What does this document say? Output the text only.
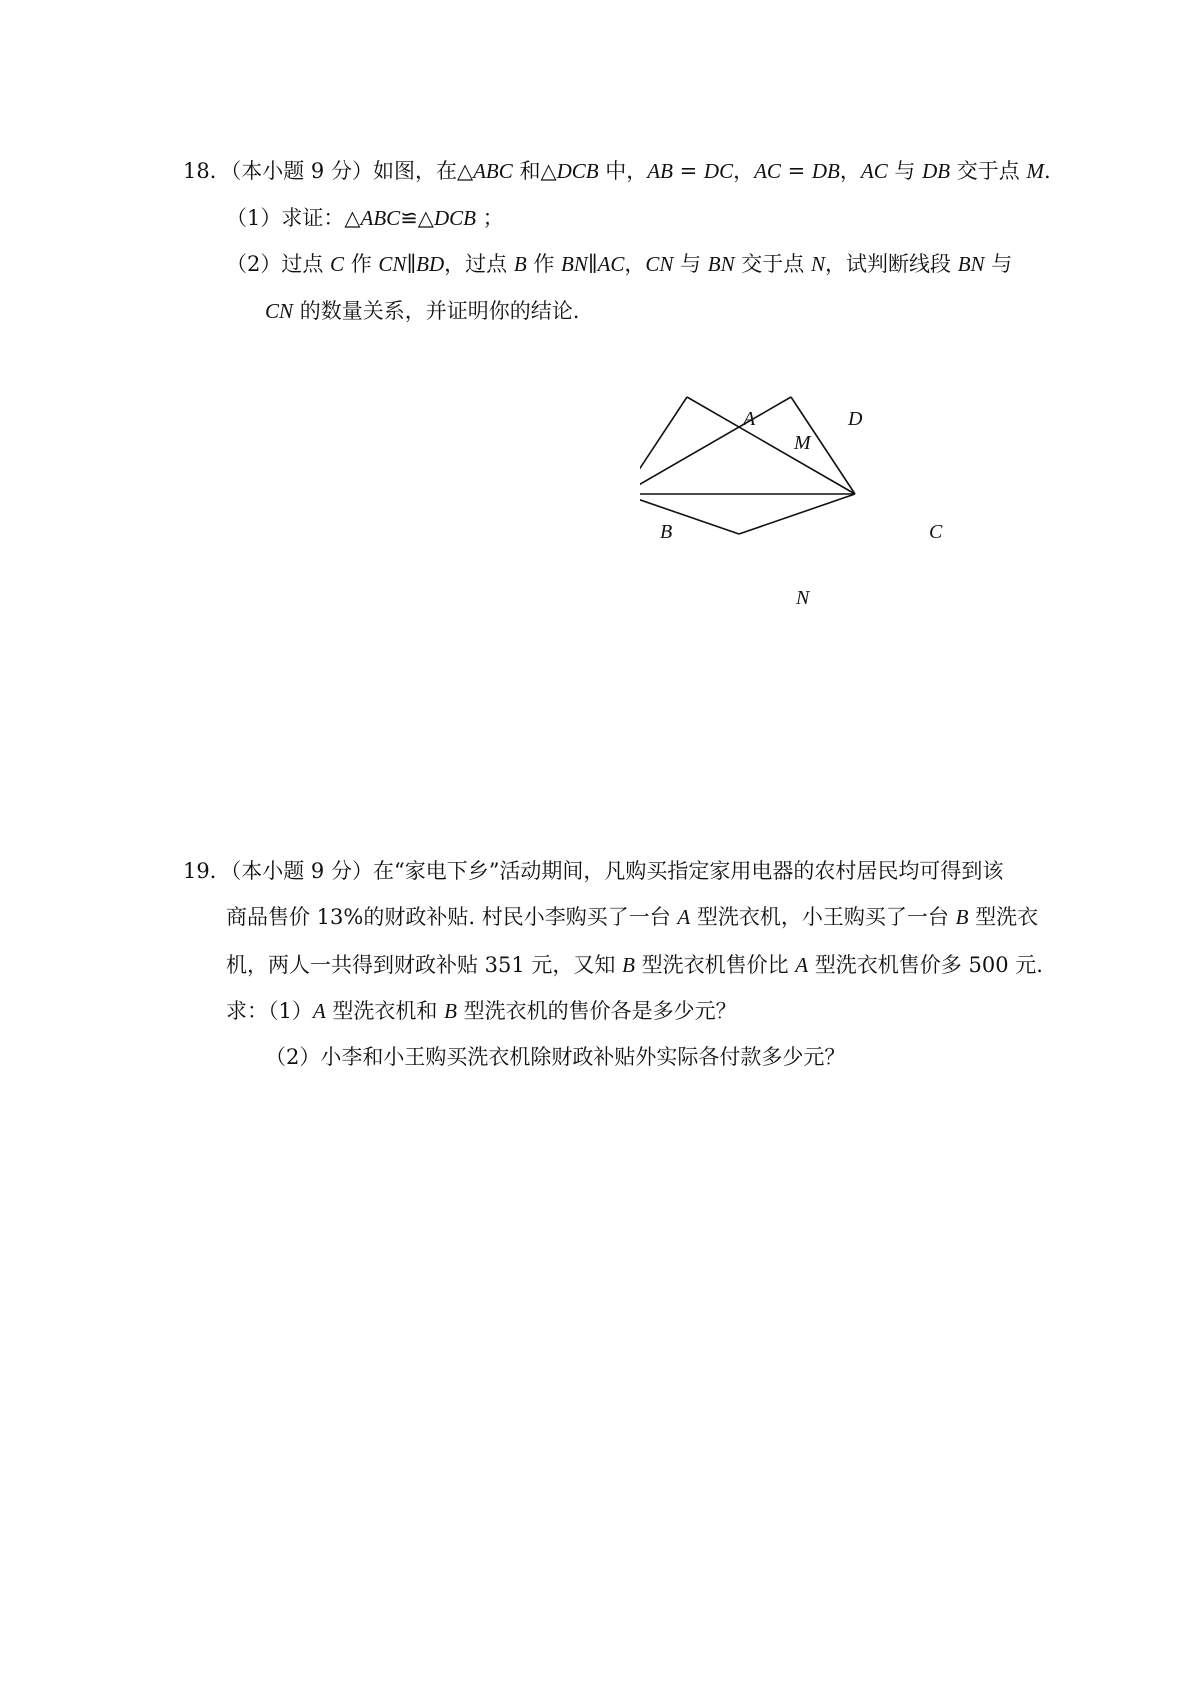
18．（本小题 9 分）如图，在△ABC 和△DCB 中，AB = DC，AC = DB，AC 与 DB 交于点 M.
（1）求证：△ABC≌△DCB ；
（2）过点 C 作 CN∥BD，过点 B 作 BN∥AC，CN 与 BN 交于点 N，试判断线段 BN 与
CN 的数量关系，并证明你的结论.
A	D
M
B	C
N
19．（本小题 9 分）在“家电下乡”活动期间，凡购买指定家用电器的农村居民均可得到该
商品售价 13%的财政补贴. 村民小李购买了一台 A 型洗衣机，小王购买了一台 B 型洗衣
机，两人一共得到财政补贴 351 元，又知 B 型洗衣机售价比 A 型洗衣机售价多 500 元.
求：（1）A 型洗衣机和 B 型洗衣机的售价各是多少元？
（2）小李和小王购买洗衣机除财政补贴外实际各付款多少元？
